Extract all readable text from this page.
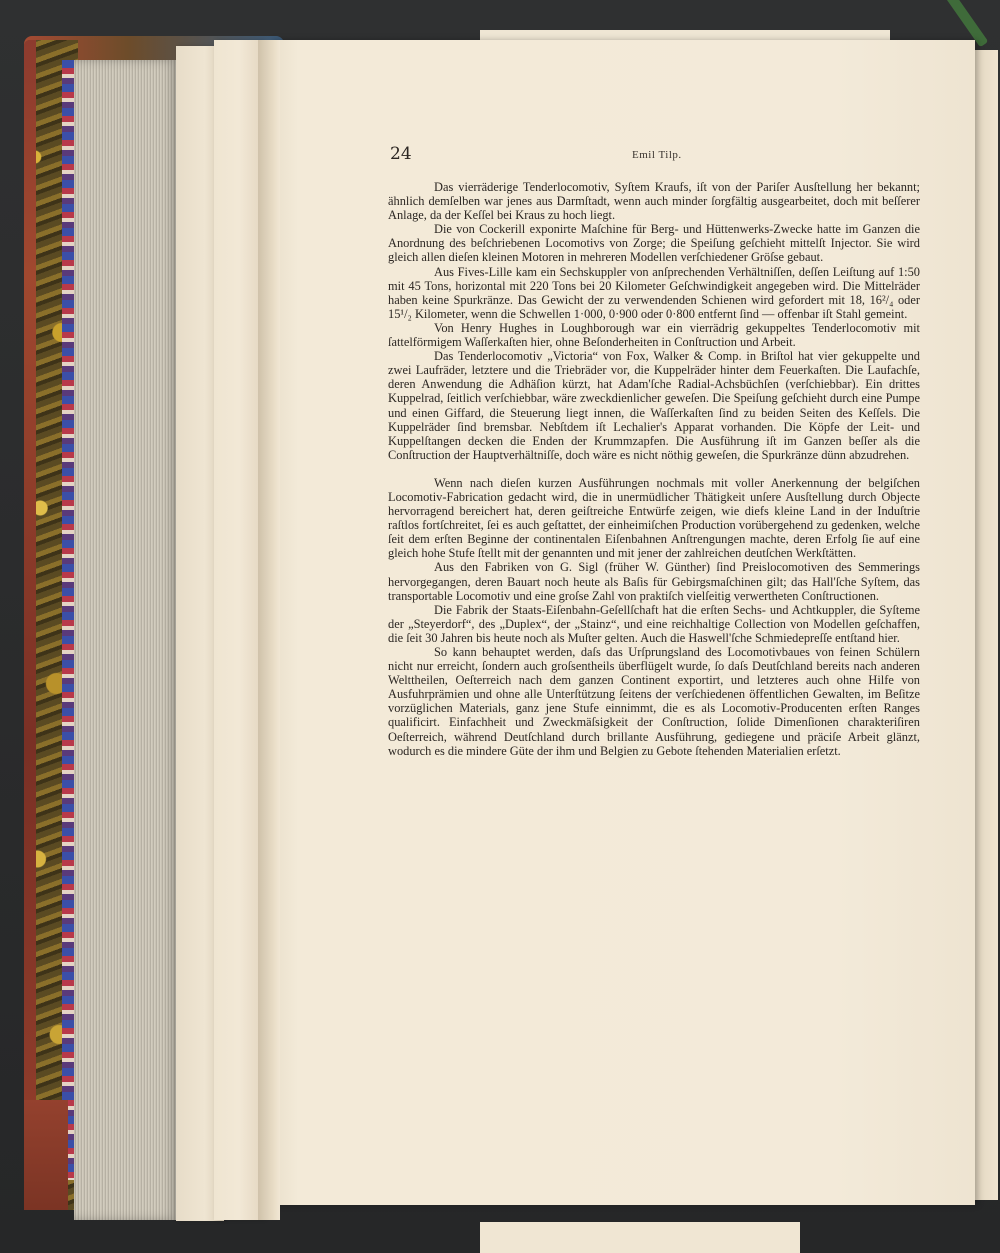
24	Emil Tilp.

Das vierräderige Tenderlocomotiv, Syſtem Kraufs, iſt von der Pariſer Ausſtellung her bekannt; ähnlich demſelben war jenes aus Darmſtadt, wenn auch minder ſorgfältig ausgearbeitet, doch mit beſſerer Anlage, da der Keſſel bei Kraus zu hoch liegt.

Die von Cockerill exponirte Maſchine für Berg- und Hüttenwerks-Zwecke hatte im Ganzen die Anordnung des beſchriebenen Locomotivs von Zorge; die Speiſung geſchieht mittelſt Injector. Sie wird gleich allen dieſen kleinen Motoren in mehreren Modellen verſchiedener Gröſse gebaut.

Aus Fives-Lille kam ein Sechskuppler von anſprechenden Verhältniſſen, deſſen Leiſtung auf 1:50 mit 45 Tons, horizontal mit 220 Tons bei 20 Kilometer Geſchwindigkeit angegeben wird. Die Mittelräder haben keine Spurkränze. Das Gewicht der zu verwendenden Schienen wird gefordert mit 18, 16²/₄ oder 15¹/₂ Kilometer, wenn die Schwellen 1·000, 0·900 oder 0·800 entfernt ſind — offenbar iſt Stahl gemeint.

Von Henry Hughes in Loughborough war ein vierrädrig gekuppeltes Tenderlocomotiv mit ſattelförmigem Waſſerkaſten hier, ohne Beſonderheiten in Conſtruction und Arbeit.

Das Tenderlocomotiv „Victoria“ von Fox, Walker & Comp. in Briſtol hat vier gekuppelte und zwei Laufräder, letztere und die Triebräder vor, die Kuppelräder hinter dem Feuerkaſten. Die Laufachſe, deren Anwendung die Adhäſion kürzt, hat Adam'ſche Radial-Achsbüchſen (verſchiebbar). Ein drittes Kuppelrad, ſeitlich verſchiebbar, wäre zweckdienlicher geweſen. Die Speiſung geſchieht durch eine Pumpe und einen Giffard, die Steuerung liegt innen, die Waſſerkaſten ſind zu beiden Seiten des Keſſels. Die Kuppelräder ſind bremsbar. Nebſtdem iſt Lechalier's Apparat vorhanden. Die Köpfe der Leit- und Kuppelſtangen decken die Enden der Krummzapfen. Die Ausführung iſt im Ganzen beſſer als die Conſtruction der Hauptverhältniſſe, doch wäre es nicht nöthig geweſen, die Spurkränze dünn abzudrehen.

Wenn nach dieſen kurzen Ausführungen nochmals mit voller Anerkennung der belgiſchen Locomotiv-Fabrication gedacht wird, die in unermüdlicher Thätigkeit unſere Ausſtellung durch Objecte hervorragend bereichert hat, deren geiſtreiche Entwürfe zeigen, wie diefs kleine Land in der Induſtrie raſtlos fortſchreitet, ſei es auch geſtattet, der einheimiſchen Production vorübergehend zu gedenken, welche ſeit dem erſten Beginne der continentalen Eiſenbahnen Anſtrengungen machte, deren Erfolg ſie auf eine gleich hohe Stufe ſtellt mit der genannten und mit jener der zahlreichen deutſchen Werkſtätten.

Aus den Fabriken von G. Sigl (früher W. Günther) ſind Preislocomotiven des Semmerings hervorgegangen, deren Bauart noch heute als Baſis für Gebirgsmaſchinen gilt; das Hall'ſche Syſtem, das transportable Locomotiv und eine groſse Zahl von praktiſch vielſeitig verwertheten Conſtructionen.

Die Fabrik der Staats-Eiſenbahn-Geſellſchaft hat die erſten Sechs- und Achtkuppler, die Syſteme der „Steyerdorf“, des „Duplex“, der „Stainz“, und eine reichhaltige Collection von Modellen geſchaffen, die ſeit 30 Jahren bis heute noch als Muſter gelten. Auch die Haswell'ſche Schmiedepreſſe entſtand hier.

So kann behauptet werden, daſs das Urſprungsland des Locomotivbaues von feinen Schülern nicht nur erreicht, ſondern auch groſsentheils überflügelt wurde, ſo daſs Deutſchland bereits nach anderen Welttheilen, Oeſterreich nach dem ganzen Continent exportirt, und letzteres auch ohne Hilfe von Ausfuhrprämien und ohne alle Unterſtützung ſeitens der verſchiedenen öffentlichen Gewalten, im Beſitze vorzüglichen Materials, ganz jene Stufe einnimmt, die es als Locomotiv-Producenten erſten Ranges qualificirt. Einfachheit und Zweckmäſsigkeit der Conſtruction, ſolide Dimenſionen charakteriſiren Oeſterreich, während Deutſchland durch brillante Ausführung, gediegene und präciſe Arbeit glänzt, wodurch es die mindere Güte der ihm und Belgien zu Gebote ſtehenden Materialien erſetzt.
